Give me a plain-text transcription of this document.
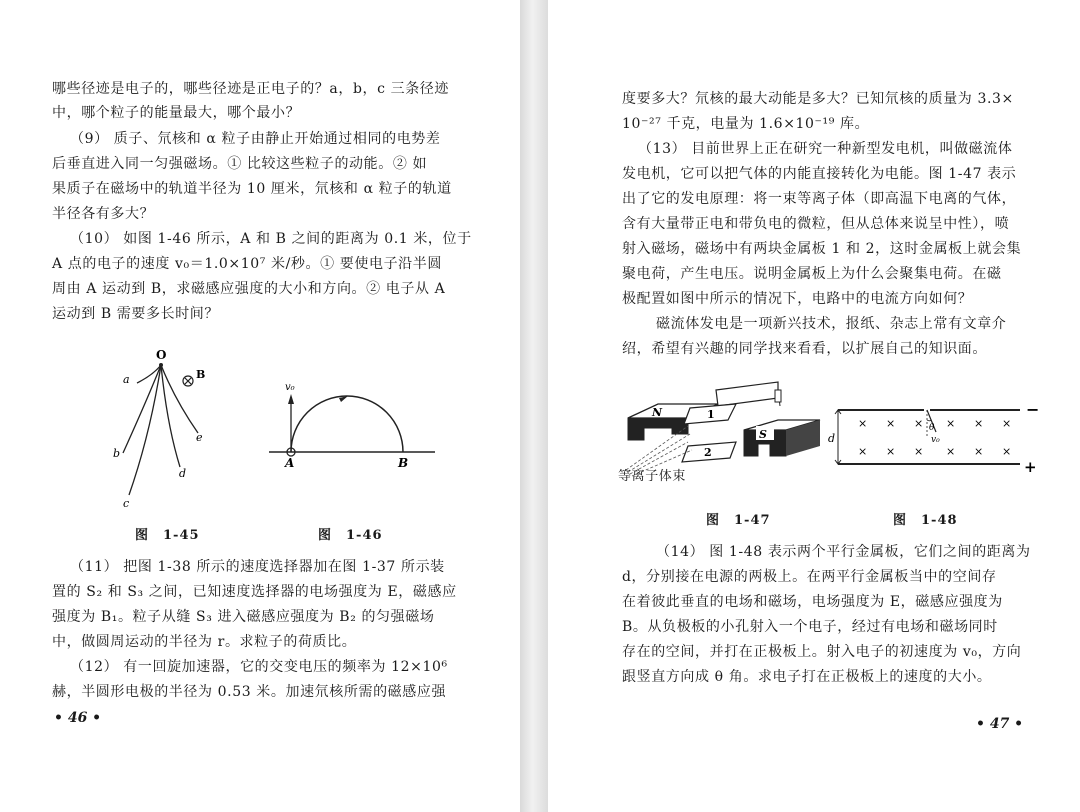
哪些径迹是电子的，哪些径迹是正电子的？a，b，c 三条径迹
中，哪个粒子的能量最大，哪个最小？
（9） 质子、氘核和 α 粒子由静止开始通过相同的电势差
后垂直进入同一匀强磁场。① 比较这些粒子的动能。② 如
果质子在磁场中的轨道半径为 10 厘米，氘核和 α 粒子的轨道
半径各有多大？
（10） 如图 1-46 所示，A 和 B 之间的距离为 0.1 米，位于
A 点的电子的速度 v₀＝1.0×10⁷ 米/秒。① 要使电子沿半圆
周由 A 运动到 B，求磁感应强度的大小和方向。② 电子从 A
运动到 B 需要多长时间？
O
a	B
b
c
d
e
v₀
A	B
图　1-45	图　1-46
（11） 把图 1-38 所示的速度选择器加在图 1-37 所示装
置的 S₂ 和 S₃ 之间，已知速度选择器的电场强度为 E，磁感应
强度为 B₁。粒子从缝 S₃ 进入磁感应强度为 B₂ 的匀强磁场
中，做圆周运动的半径为 r。求粒子的荷质比。
（12） 有一回旋加速器，它的交变电压的频率为 12×10⁶
赫，半圆形电极的半径为 0.53 米。加速氘核所需的磁感应强
• 46 •
度要多大？氘核的最大动能是多大？已知氘核的质量为 3.3×
10⁻²⁷ 千克，电量为 1.6×10⁻¹⁹ 库。
（13） 目前世界上正在研究一种新型发电机，叫做磁流体
发电机，它可以把气体的内能直接转化为电能。图 1-47 表示
出了它的发电原理：将一束等离子体（即高温下电离的气体，
含有大量带正电和带负电的微粒，但从总体来说呈中性），喷
射入磁场，磁场中有两块金属板 1 和 2，这时金属板上就会集
聚电荷，产生电压。说明金属板上为什么会聚集电荷。在磁
极配置如图中所示的情况下，电路中的电流方向如何？
磁流体发电是一项新兴技术，报纸、杂志上常有文章介
绍，希望有兴趣的同学找来看看，以扩展自己的知识面。
N	1
2
S
等离子体束
d
−
+
θ
v₀
× × × × × ×
× × × × × ×
图　1-47	图　1-48
（14） 图 1-48 表示两个平行金属板，它们之间的距离为
d，分别接在电源的两极上。在两平行金属板当中的空间存
在着彼此垂直的电场和磁场，电场强度为 E，磁感应强度为
B。从负极板的小孔射入一个电子，经过有电场和磁场同时
存在的空间，并打在正极板上。射入电子的初速度为 v₀，方向
跟竖直方向成 θ 角。求电子打在正极板上的速度的大小。
• 47 •
